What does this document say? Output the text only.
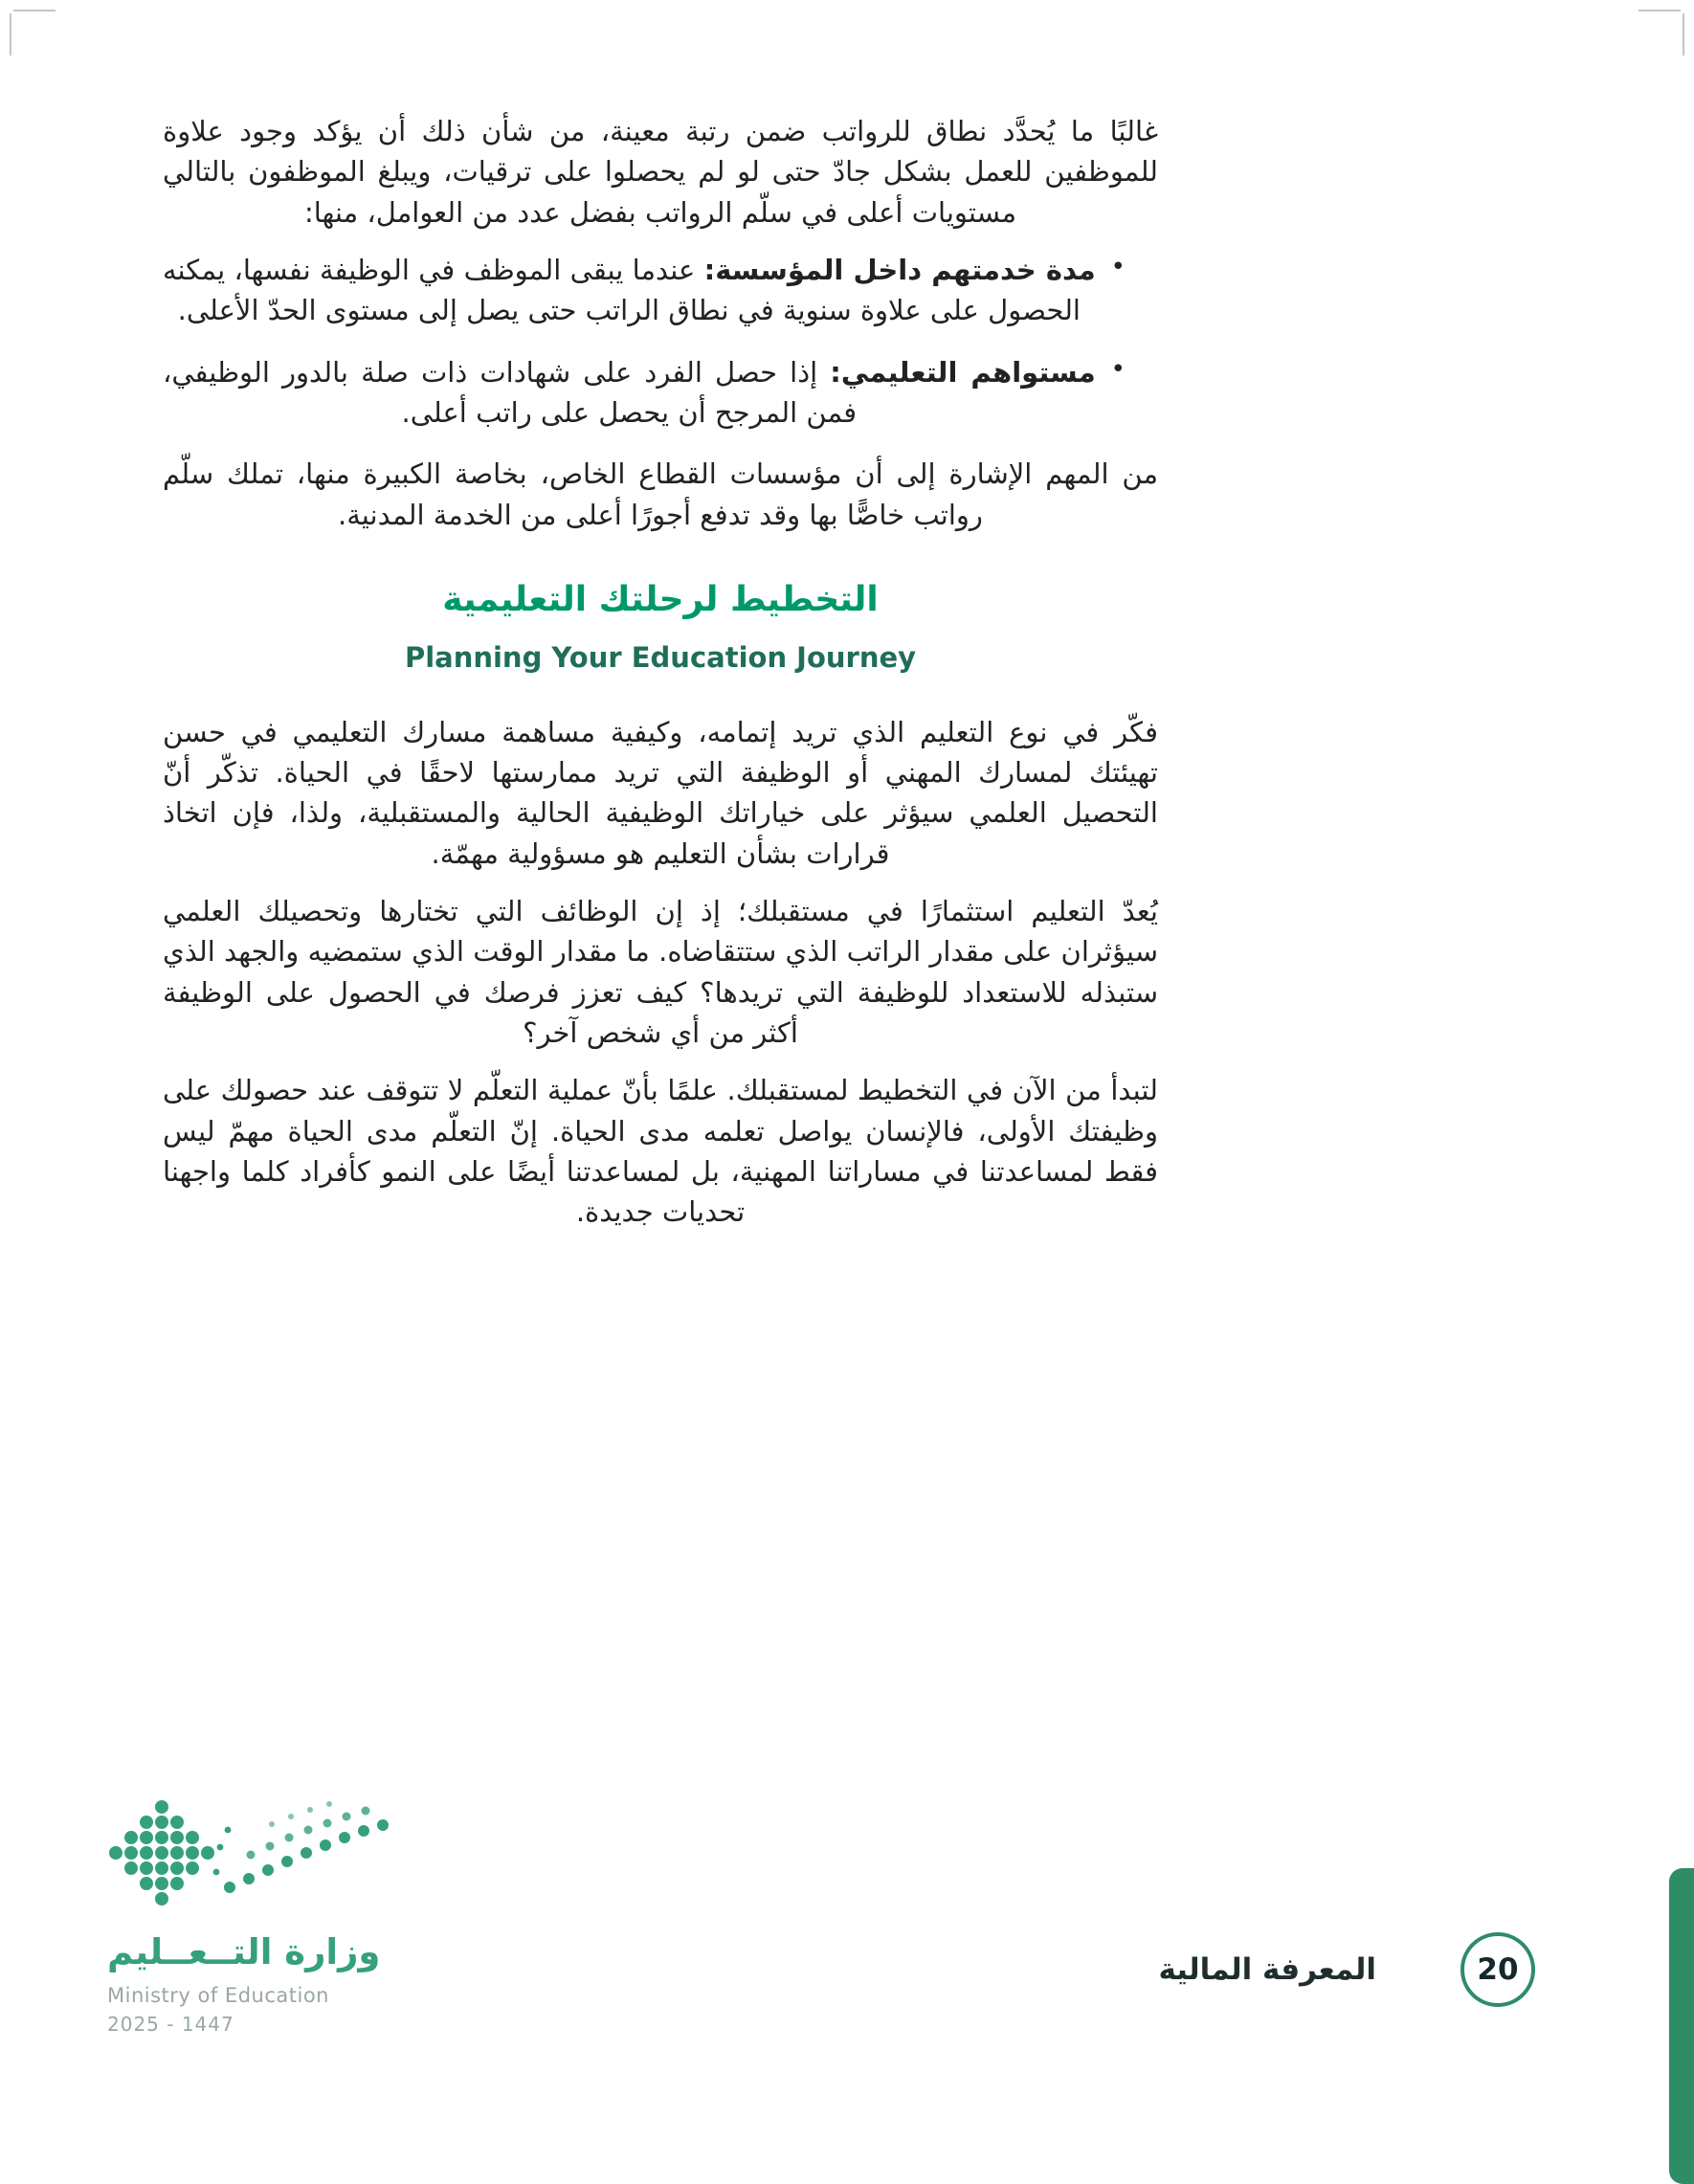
غالبًا ما يُحدَّد نطاق للرواتب ضمن رتبة معينة، من شأن ذلك أن يؤكد وجود علاوة للموظفين للعمل بشكل جادّ حتى لو لم يحصلوا على ترقيات، ويبلغ الموظفون بالتالي مستويات أعلى في سلّم الرواتب بفضل عدد من العوامل، منها:

•
مدة خدمتهم داخل المؤسسة: عندما يبقى الموظف في الوظيفة نفسها، يمكنه الحصول على علاوة سنوية في نطاق الراتب حتى يصل إلى مستوى الحدّ الأعلى.
•
مستواهم التعليمي: إذا حصل الفرد على شهادات ذات صلة بالدور الوظيفي، فمن المرجح أن يحصل على راتب أعلى.

من المهم الإشارة إلى أن مؤسسات القطاع الخاص، بخاصة الكبيرة منها، تملك سلّم رواتب خاصًّا بها وقد تدفع أجورًا أعلى من الخدمة المدنية.

التخطيط لرحلتك التعليمية
Planning Your Education Journey

فكّر في نوع التعليم الذي تريد إتمامه، وكيفية مساهمة مسارك التعليمي في حسن تهيئتك لمسارك المهني أو الوظيفة التي تريد ممارستها لاحقًا في الحياة. تذكّر أنّ التحصيل العلمي سيؤثر على خياراتك الوظيفية الحالية والمستقبلية، ولذا، فإن اتخاذ قرارات بشأن التعليم هو مسؤولية مهمّة.

يُعدّ التعليم استثمارًا في مستقبلك؛ إذ إن الوظائف التي تختارها وتحصيلك العلمي سيؤثران على مقدار الراتب الذي ستتقاضاه. ما مقدار الوقت الذي ستمضيه والجهد الذي ستبذله للاستعداد للوظيفة التي تريدها؟ كيف تعزز فرصك في الحصول على الوظيفة أكثر من أي شخص آخر؟

لتبدأ من الآن في التخطيط لمستقبلك. علمًا بأنّ عملية التعلّم لا تتوقف عند حصولك على وظيفتك الأولى، فالإنسان يواصل تعلمه مدى الحياة. إنّ التعلّم مدى الحياة مهمّ ليس فقط لمساعدتنا في مساراتنا المهنية، بل لمساعدتنا أيضًا على النمو كأفراد كلما واجهنا تحديات جديدة.

وزارة التــعــليم
Ministry of Education
2025 - 1447
المعرفة المالية	20
